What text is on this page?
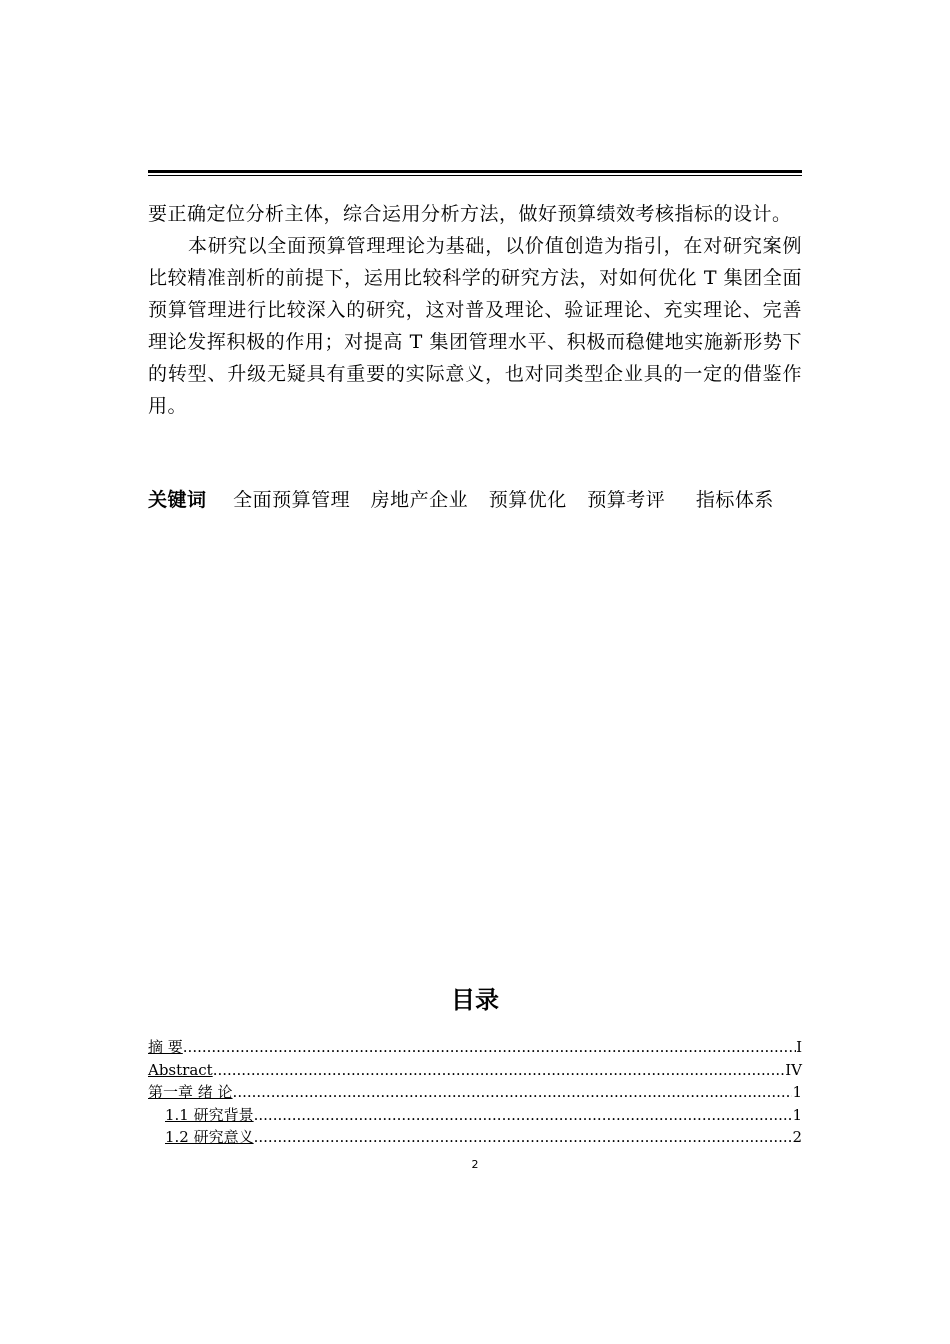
要正确定位分析主体，综合运用分析方法，做好预算绩效考核指标的设计。

本研究以全面预算管理理论为基础，以价值创造为指引，在对研究案例比较精准剖析的前提下，运用比较科学的研究方法，对如何优化 T 集团全面预算管理进行比较深入的研究，这对普及理论、验证理论、充实理论、完善理论发挥积极的作用；对提高 T 集团管理水平、积极而稳健地实施新形势下的转型、升级无疑具有重要的实际意义，也对同类型企业具的一定的借鉴作用。

关键词 全面预算管理 房地产企业 预算优化 预算考评 指标体系
目录
摘 要 .....	I
Abstract .....	IV
第一章 绪 论 .....	1
1.1 研究背景 .....	1
1.2 研究意义 .....	2
2
